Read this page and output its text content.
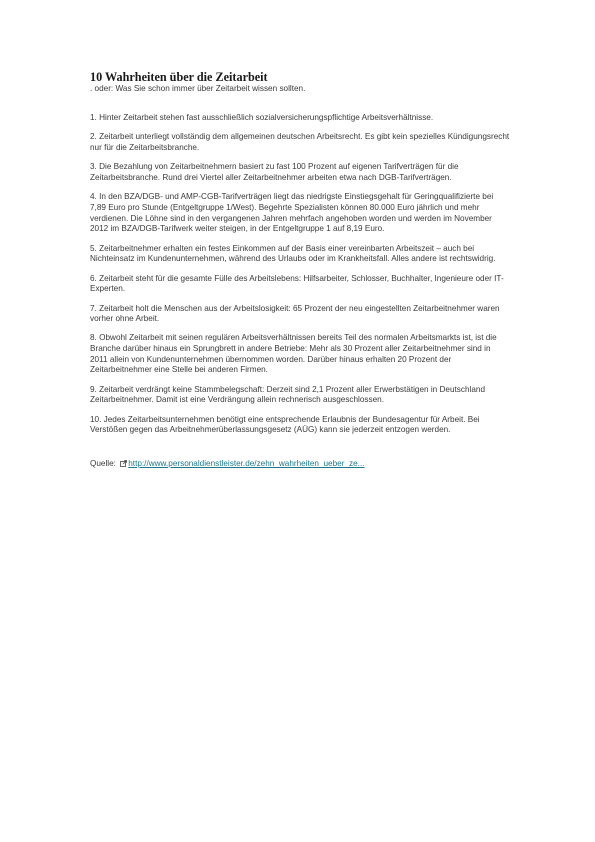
10 Wahrheiten über die Zeitarbeit

. oder: Was Sie schon immer über Zeitarbeit wissen sollten.

1. Hinter Zeitarbeit stehen fast ausschließlich sozialversicherungspflichtige Arbeitsverhältnisse.

2. Zeitarbeit unterliegt vollständig dem allgemeinen deutschen Arbeitsrecht. Es gibt kein spezielles Kündigungsrecht nur für die Zeitarbeitsbranche.

3. Die Bezahlung von Zeitarbeitnehmern basiert zu fast 100 Prozent auf eigenen Tarifverträgen für die Zeitarbeitsbranche. Rund drei Viertel aller Zeitarbeitnehmer arbeiten etwa nach DGB-Tarifverträgen.

4. In den BZA/DGB- und AMP-CGB-Tarifverträgen liegt das niedrigste Einstiegsgehalt für Geringqualifizierte bei 7,89 Euro pro Stunde (Entgeltgruppe 1/West). Begehrte Spezialisten können 80.000 Euro jährlich und mehr verdienen. Die Löhne sind in den vergangenen Jahren mehrfach angehoben worden und werden im November 2012 im BZA/DGB-Tarifwerk weiter steigen, in der Entgeltgruppe 1 auf 8,19 Euro.

5. Zeitarbeitnehmer erhalten ein festes Einkommen auf der Basis einer vereinbarten Arbeitszeit – auch bei Nichteinsatz im Kundenunternehmen, während des Urlaubs oder im Krankheitsfall. Alles andere ist rechtswidrig.

6. Zeitarbeit steht für die gesamte Fülle des Arbeitslebens: Hilfsarbeiter, Schlosser, Buchhalter, Ingenieure oder IT-Experten.

7. Zeitarbeit holt die Menschen aus der Arbeitslosigkeit: 65 Prozent der neu eingestellten Zeitarbeitnehmer waren vorher ohne Arbeit.

8. Obwohl Zeitarbeit mit seinen regulären Arbeitsverhältnissen bereits Teil des normalen Arbeitsmarkts ist, ist die Branche darüber hinaus ein Sprungbrett in andere Betriebe: Mehr als 30 Prozent aller Zeitarbeitnehmer sind in 2011 allein von Kundenunternehmen übernommen worden. Darüber hinaus erhalten 20 Prozent der Zeitarbeitnehmer eine Stelle bei anderen Firmen.

9. Zeitarbeit verdrängt keine Stammbelegschaft: Derzeit sind 2,1 Prozent aller Erwerbstätigen in Deutschland Zeitarbeitnehmer. Damit ist eine Verdrängung allein rechnerisch ausgeschlossen.

10. Jedes Zeitarbeitsunternehmen benötigt eine entsprechende Erlaubnis der Bundesagentur für Arbeit. Bei Verstößen gegen das Arbeitnehmerüberlassungsgesetz (AÜG) kann sie jederzeit entzogen werden.

Quelle: http://www.personaldienstleister.de/zehn_wahrheiten_ueber_ze...
